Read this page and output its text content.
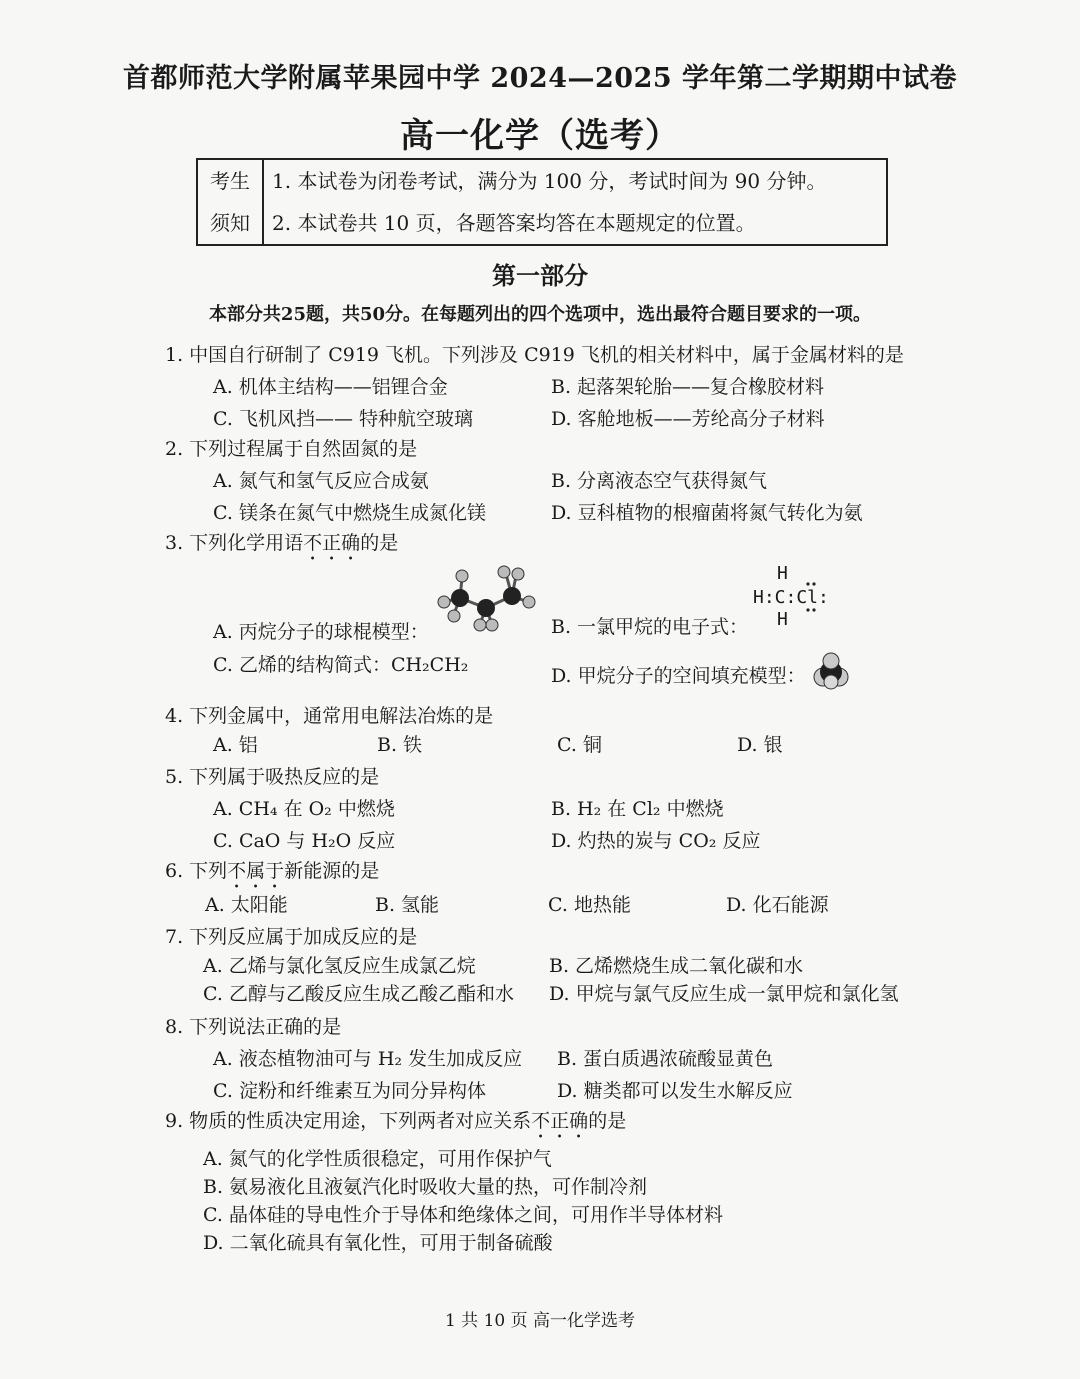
首都师范大学附属苹果园中学 2024—2025 学年第二学期期中试卷
高一化学（选考）
考生	1. 本试卷为闭卷考试，满分为 100 分，考试时间为 90 分钟。
须知	2. 本试卷共 10 页，各题答案均答在本题规定的位置。
第一部分
本部分共25题，共50分。在每题列出的四个选项中，选出最符合题目要求的一项。
1. 中国自行研制了 C919 飞机。下列涉及 C919 飞机的相关材料中，属于金属材料的是
A. 机体主结构——铝锂合金	B. 起落架轮胎——复合橡胶材料
C. 飞机风挡—— 特种航空玻璃	D. 客舱地板——芳纶高分子材料
2. 下列过程属于自然固氮的是
A. 氮气和氢气反应合成氨	B. 分离液态空气获得氮气
C. 镁条在氮气中燃烧生成氮化镁	D. 豆科植物的根瘤菌将氮气转化为氨
3. 下列化学用语不正确的是
A. 丙烷分子的球棍模型：	B. 一氯甲烷的电子式：
H
H:C:Cl:
H
C. 乙烯的结构简式：CH₂CH₂	D. 甲烷分子的空间填充模型：
4. 下列金属中，通常用电解法冶炼的是
A. 铝	B. 铁	C. 铜	D. 银
5. 下列属于吸热反应的是
A. CH₄ 在 O₂ 中燃烧	B. H₂ 在 Cl₂ 中燃烧
C. CaO 与 H₂O 反应	D. 灼热的炭与 CO₂ 反应
6. 下列不属于新能源的是
A. 太阳能	B. 氢能	C. 地热能	D. 化石能源
7. 下列反应属于加成反应的是
A. 乙烯与氯化氢反应生成氯乙烷	B. 乙烯燃烧生成二氧化碳和水
C. 乙醇与乙酸反应生成乙酸乙酯和水 D. 甲烷与氯气反应生成一氯甲烷和氯化氢
8. 下列说法正确的是
A. 液态植物油可与 H₂ 发生加成反应 B. 蛋白质遇浓硫酸显黄色
C. 淀粉和纤维素互为同分异构体	D. 糖类都可以发生水解反应
9. 物质的性质决定用途，下列两者对应关系不正确的是
A. 氮气的化学性质很稳定，可用作保护气
B. 氨易液化且液氨汽化时吸收大量的热，可作制冷剂
C. 晶体硅的导电性介于导体和绝缘体之间，可用作半导体材料
D. 二氧化硫具有氧化性，可用于制备硫酸
1 共 10 页 高一化学选考
